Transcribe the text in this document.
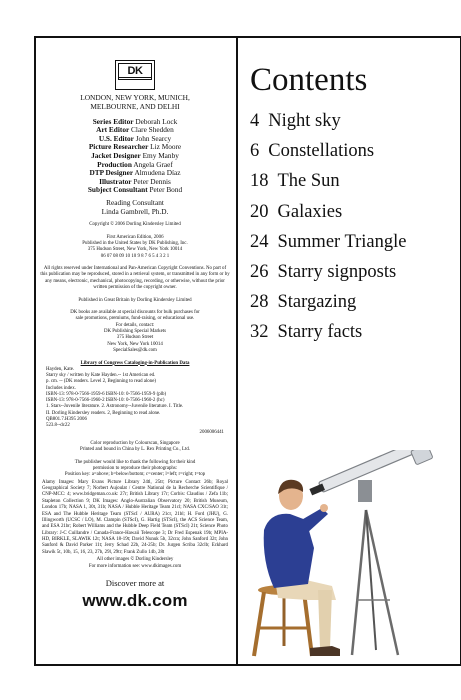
DK
LONDON, NEW YORK, MUNICH,
MELBOURNE, AND DELHI
Series Editor Deborah Lock
Art Editor Clare Shedden
U.S. Editor John Searcy
Picture Researcher Liz Moore
Jacket Designer Emy Manby
Production Angela Graef
DTP Designer Almudena Díaz
Illustrator Peter Dennis
Subject Consultant Peter Bond
Reading Consultant
Linda Gambrell, Ph.D.
Copyright © 2006 Dorling Kindersley Limited
First American Edition, 2006
Published in the United States by DK Publishing, Inc.
375 Hudson Street, New York, New York 10014
06 07 08 09 10 10 9 8 7 6 5 4 3 2 1
All rights reserved under International and Pan-American Copyright Conventions. No part of this publication may be reproduced, stored in a retrieval system, or transmitted in any form or by any means, electronic, mechanical, photocopying, recording, or otherwise, without the prior written permission of the copyright owner.
Published in Great Britain by Dorling Kindersley Limited
DK books are available at special discounts for bulk purchases for
sale promotions, premiums, fund-raising, or educational use.
For details, contact:
DK Publishing Special Markets
375 Hudson Street
New York, New York 10014
SpecialSales@dk.com
Library of Congress Cataloging-in-Publication Data
Hayden, Kate.
Starry sky / written by Kate Hayden.-- 1st American ed.
p. cm. -- (DK readers. Level 2, Beginning to read alone)
Includes index.
ISBN-13: 978-0-7566-1959-6 ISBN-10: 0-7566-1959-9 (plb)
ISBN-13: 978-0-7566-1960-2 ISBN-10: 0-7566-1960-2 (hc)
1. Stars--Juvenile literature. 2. Astronomy--Juvenile literature. I. Title.
II. Dorling Kindersley readers. 2, Beginning to read alone.
QB801.7.H395 2006
523.8--dc22
2006006441
Color reproduction by Colourscan, Singapore
Printed and bound in China by L. Rex Printing Co., Ltd.
The publisher would like to thank the following for their kind
permission to reproduce their photographs:
Position key: a=above; b=below/bottom; c=center; l=left; r=right; t=top
Alamy Images: Mary Evans Picture Library 24tl, 25tr; Picture Contact 26b; Royal Geographical Society 7; Norbert Aujoulat / Centre National de la Recherche Scientifique / CNP-MCC: 4; www.bridgeman.co.uk: 27r; British Library 17r; Corbis: Claudius / Zefa 11b; Stapleton Collection 9; DK Images: Anglo-Australian Observatory 20; British Museum, London 17b; NASA 1, 30t, 31b; NASA / Hubble Heritage Team 21cl; NASA CXC/SAO 31t; ESA and The Hubble Heritage Team (STScI / AURA) 21cr, 21bl; H. Ford (JHU), G. Illingworth (UCSC / LO), M. Clampin (STScI), G. Hartig (STScI), the ACS Science Team, and ESA 21br; Robert Williams and the Hubble Deep Field Team (STScI) 21t; Science Photo Library: J-C Cuillandre / Canada-France-Hawaii Telescope 3; Dr Fred Espenak 19b; MPIA-HD, BIRKLE, SLAWIK 12t; NASA 18-19t; David Nunuk 5b, 32cra; John Sanford 32t; John Sanford & David Parker 11t; Jerry Schad 22b, 24-25b; Dr. Jurgen Scriba 32clb; Eckhard Slawik 5t, 10b, 15, 16, 23, 27b, 29l, 29tr; Frank Zullo 14b, 28t
All other images © Dorling Kindersley
For more information see: www.dkimages.com
Discover more at
www.dk.com
Contents
4 Night sky
6 Constellations
18 The Sun
20 Galaxies
24 Summer Triangle
26 Starry signposts
28 Stargazing
32 Starry facts
